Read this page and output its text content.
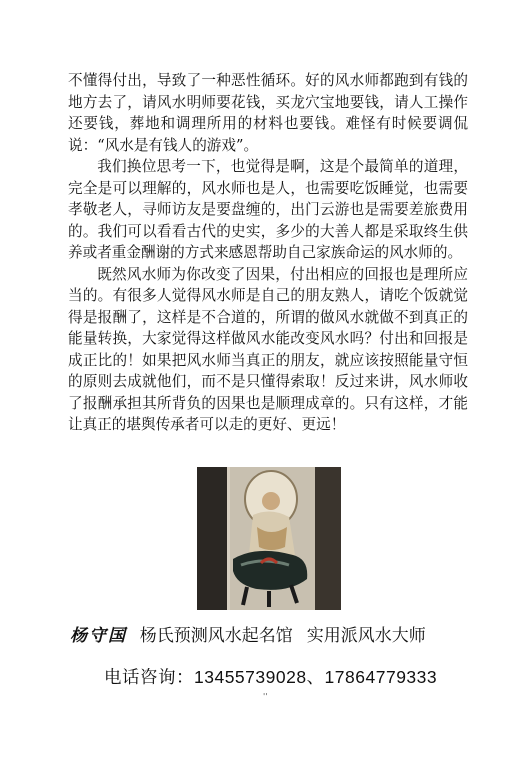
不懂得付出，导致了一种恶性循环。好的风水师都跑到有钱的地方去了，请风水明师要花钱，买龙穴宝地要钱，请人工操作还要钱，葬地和调理所用的材料也要钱。难怪有时候要调侃说：“风水是有钱人的游戏”。

我们换位思考一下，也觉得是啊，这是个最简单的道理，完全是可以理解的，风水师也是人，也需要吃饭睡觉，也需要孝敬老人，寻师访友是要盘缠的，出门云游也是需要差旅费用的。我们可以看看古代的史实，多少的大善人都是采取终生供养或者重金酬谢的方式来感恩帮助自己家族命运的风水师的。

既然风水师为你改变了因果，付出相应的回报也是理所应当的。有很多人觉得风水师是自己的朋友熟人，请吃个饭就觉得是报酬了，这样是不合道的，所谓的做风水就做不到真正的能量转换，大家觉得这样做风水能改变风水吗？付出和回报是成正比的！如果把风水师当真正的朋友，就应该按照能量守恒的原则去成就他们，而不是只懂得索取！反过来讲，风水师收了报酬承担其所背负的因果也是顺理成章的。只有这样，才能让真正的堪舆传承者可以走的更好、更远！

杨守国 杨氏预测风水起名馆 实用派风水大师
电话咨询：13455739028、17864779333
''
